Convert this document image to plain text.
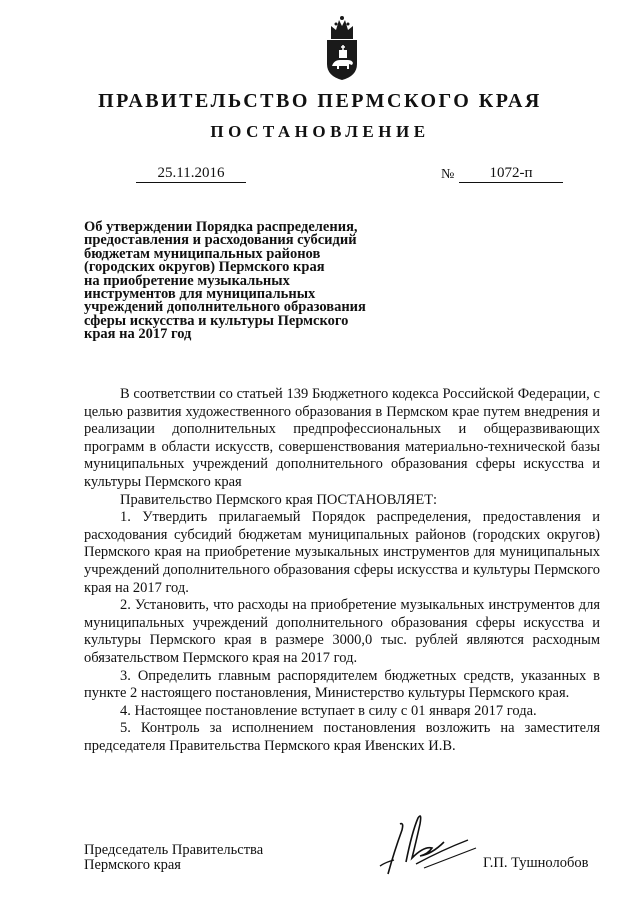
ПРАВИТЕЛЬСТВО ПЕРМСКОГО КРАЯ
ПОСТАНОВЛЕНИЕ
25.11.2016	№	1072-п
Об утверждении Порядка распределения,
предоставления и расходования субсидий
бюджетам муниципальных районов
(городских округов) Пермского края
на приобретение музыкальных
инструментов для муниципальных
учреждений дополнительного образования
сферы искусства и культуры Пермского
края на 2017 год

В соответствии со статьей 139 Бюджетного кодекса Российской Федерации, с целью развития художественного образования в Пермском крае путем внедрения и реализации дополнительных предпрофессиональных и общеразвивающих программ в области искусств, совершенствования материально-технической базы муниципальных учреждений дополнительного образования сферы искусства и культуры Пермского края

Правительство Пермского края ПОСТАНОВЛЯЕТ:

1. Утвердить прилагаемый Порядок распределения, предоставления и расходования субсидий бюджетам муниципальных районов (городских округов) Пермского края на приобретение музыкальных инструментов для муниципальных учреждений дополнительного образования сферы искусства и культуры Пермского края на 2017 год.

2. Установить, что расходы на приобретение музыкальных инструментов для муниципальных учреждений дополнительного образования сферы искусства и культуры Пермского края в размере 3000,0 тыс. рублей являются расходным обязательством Пермского края на 2017 год.

3. Определить главным распорядителем бюджетных средств, указанных в пункте 2 настоящего постановления, Министерство культуры Пермского края.

4. Настоящее постановление вступает в силу с 01 января 2017 года.

5. Контроль за исполнением постановления возложить на заместителя председателя Правительства Пермского края Ивенских И.В.

Председатель Правительства
Пермского края	Г.П. Тушнолобов
